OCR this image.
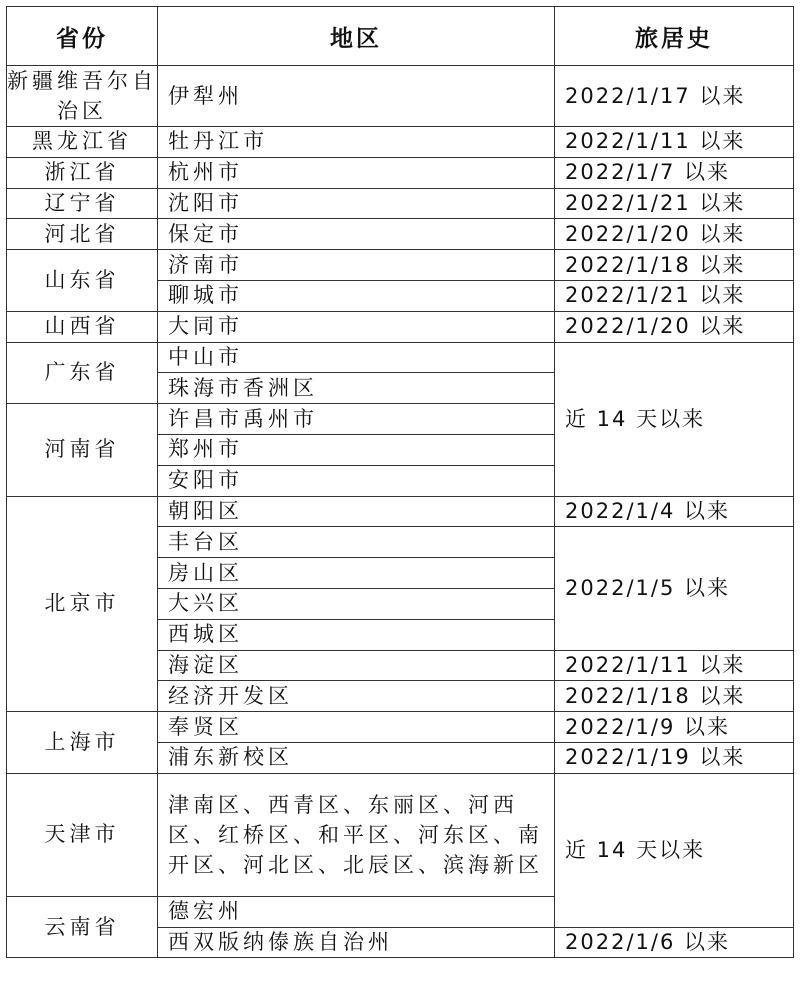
省份	地区	旅居史
新疆维吾尔自治区	伊犁州	2022/1/17 以来
黑龙江省	牡丹江市	2022/1/11 以来
浙江省	杭州市	2022/1/7 以来
辽宁省	沈阳市	2022/1/21 以来
河北省	保定市	2022/1/20 以来
山东省	济南市	2022/1/18 以来
	聊城市	2022/1/21 以来
山西省	大同市	2022/1/20 以来
广东省	中山市	近 14 天以来
	珠海市香洲区	
河南省	许昌市禹州市	
	郑州市	
	安阳市	
北京市	朝阳区	2022/1/4 以来
	丰台区	2022/1/5 以来
	房山区	
	大兴区	
	西城区	
	海淀区	2022/1/11 以来
	经济开发区	2022/1/18 以来
上海市	奉贤区	2022/1/9 以来
	浦东新校区	2022/1/19 以来
天津市	津南区、西青区、东丽区、河西区、红桥区、和平区、河东区、南开区、河北区、北辰区、滨海新区	近 14 天以来
云南省	德宏州	
	西双版纳傣族自治州	2022/1/6 以来
